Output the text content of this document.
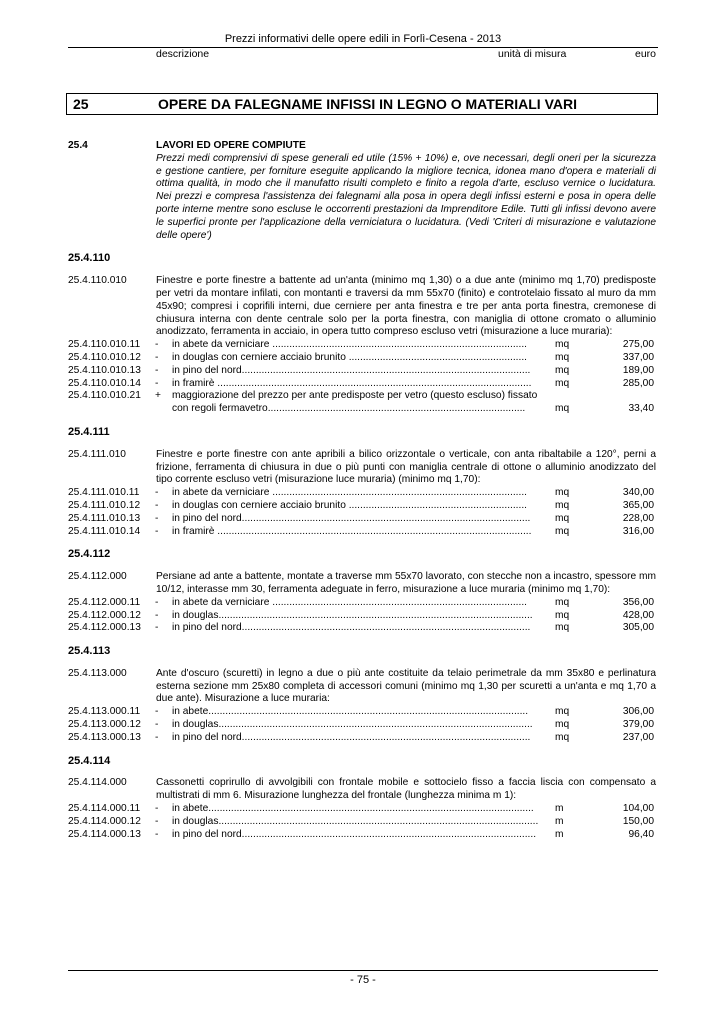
Prezzi informativi delle opere edili in Forlì-Cesena - 2013
descrizione	unità di misura	euro
25	OPERE DA FALEGNAME INFISSI IN LEGNO O MATERIALI VARI
25.4	LAVORI ED OPERE COMPIUTE
Prezzi medi comprensivi di spese generali ed utile (15% + 10%) e, ove necessari, degli oneri per la sicurezza e gestione cantiere, per forniture eseguite applicando la migliore tecnica, idonea mano d'opera e materiali di ottima qualità, in modo che il manufatto risulti completo e finito a regola d'arte, escluso vernice o lucidatura. Nei prezzi e compresa l'assistenza dei falegnami alla posa in opera degli infissi esterni e posa in opera delle porte interne mentre sono escluse le occorrenti prestazioni da Imprenditore Edile. Tutti gli infissi devono avere le superfici pronte per l'applicazione della verniciatura o lucidatura. (Vedi 'Criteri di misurazione e valutazione delle opere')
25.4.110
25.4.110.010	Finestre e porte finestre a battente ad un'anta (minimo mq 1,30) o a due ante (minimo mq 1,70) predisposte per vetri da montare infilati, con montanti e traversi da mm 55x70 (finito) e controtelaio fissato al muro da mm 45x90; compresi i coprifili interni, due cerniere per anta finestra e tre per anta porta finestra, cremonese di chiusura interna con dente centrale solo per la porta finestra, con maniglia di ottone cromato o alluminio anodizzato, ferramenta in acciaio, in opera tutto compreso escluso vetri (misurazione a luce muraria):
25.4.110.010.11 - in abete da verniciare ..........................................................................................	mq	275,00
25.4.110.010.12 - in douglas con cerniere acciaio brunito ...............................................................	mq	337,00
25.4.110.010.13 - in pino del nord......................................................................................................	mq	189,00
25.4.110.010.14 - in framirè ...............................................................................................................	mq	285,00
25.4.110.010.21 + maggiorazione del prezzo per ante predisposte per vetro (questo escluso) fissato
con regoli fermavetro...........................................................................................	mq	33,40
25.4.111
25.4.111.010	Finestre e porte finestre con ante apribili a bilico orizzontale o verticale, con anta ribaltabile a 120°, perni a frizione, ferramenta di chiusura in due o più punti con maniglia centrale di ottone o alluminio anodizzato del tipo corrente escluso vetri (misurazione luce muraria) (minimo mq 1,70):
25.4.111.010.11 - in abete da verniciare ..........................................................................................	mq	340,00
25.4.111.010.12 - in douglas con cerniere acciaio brunito ...............................................................	mq	365,00
25.4.111.010.13 - in pino del nord......................................................................................................	mq	228,00
25.4.111.010.14 - in framirè ...............................................................................................................	mq	316,00
25.4.112
25.4.112.000	Persiane ad ante a battente, montate a traverse mm 55x70 lavorato, con stecche non a incastro, spessore mm 10/12, interasse mm 30, ferramenta adeguate in ferro, misurazione a luce muraria (minimo mq 1,70):
25.4.112.000.11 - in abete da verniciare ..........................................................................................	mq	356,00
25.4.112.000.12 - in douglas...............................................................................................................	mq	428,00
25.4.112.000.13 - in pino del nord......................................................................................................	mq	305,00
25.4.113
25.4.113.000	Ante d'oscuro (scuretti) in legno a due o più ante costituite da telaio perimetrale da mm 35x80 e perlinatura esterna sezione mm 25x80 completa di accessori comuni (minimo mq 1,30 per scuretti a un'anta e mq 1,70 a due ante). Misurazione a luce muraria:
25.4.113.000.11 - in abete.................................................................................................................	mq	306,00
25.4.113.000.12 - in douglas...............................................................................................................	mq	379,00
25.4.113.000.13 - in pino del nord......................................................................................................	mq	237,00
25.4.114
25.4.114.000	Cassonetti coprirullo di avvolgibili con frontale mobile e sottocielo fisso a faccia liscia con compensato a multistrati di mm 6. Misurazione lunghezza del frontale (lunghezza minima m 1):
25.4.114.000.11 - in abete...................................................................................................................	m	104,00
25.4.114.000.12 - in douglas.................................................................................................................	m	150,00
25.4.114.000.13 - in pino del nord........................................................................................................	m	96,40
- 75 -
